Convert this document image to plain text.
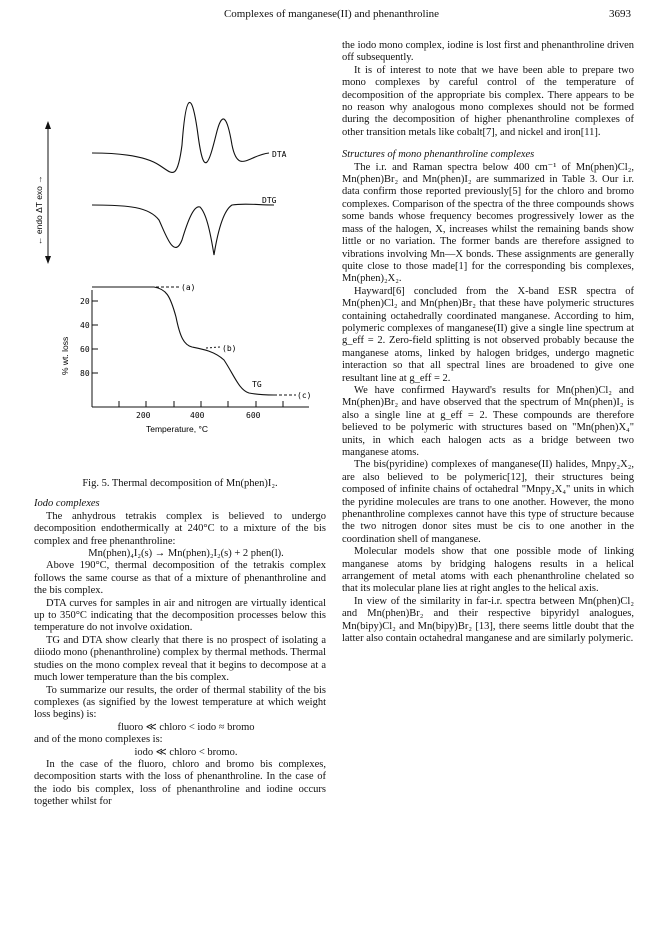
Complexes of manganese(II) and phenanthroline	3693
← endo ΔT exo →
DTA
DTG
20
40
60
80
% wt. loss
200	400	600
Temperature, °C
(a)
(b)
TG
(c)

Fig. 5. Thermal decomposition of Mn(phen)I₂.

Iodo complexes

The anhydrous tetrakis complex is believed to undergo decomposition endothermically at 240°C to a mixture of the bis complex and free phenanthroline:

Mn(phen)₄I₂(s) → Mn(phen)₂I₂(s) + 2 phen(l).

Above 190°C, thermal decomposition of the tetrakis complex follows the same course as that of a mixture of phenanthroline and the bis complex.

DTA curves for samples in air and nitrogen are virtually identical up to 350°C indicating that the decomposition processes below this temperature do not involve oxidation.

TG and DTA show clearly that there is no prospect of isolating a diiodo mono (phenanthroline) complex by thermal methods. Thermal studies on the mono complex reveal that it begins to decompose at a much lower temperature than the bis complex.

To summarize our results, the order of thermal stability of the bis complexes (as signified by the lowest temperature at which weight loss begins) is:

fluoro ≪ chloro < iodo ≈ bromo

and of the mono complexes is:

iodo ≪ chloro < bromo.

In the case of the fluoro, chloro and bromo bis complexes, decomposition starts with the loss of phenanthroline. In the case of the iodo bis complex, loss of phenanthroline and iodine occurs together whilst for

the iodo mono complex, iodine is lost first and phenanthroline driven off subsequently.

It is of interest to note that we have been able to prepare two mono complexes by careful control of the temperature of decomposition of the appropriate bis complex. There appears to be no reason why analogous mono complexes should not be formed during the decomposition of higher phenanthroline complexes of other transition metals like cobalt[7], and nickel and iron[11].

Structures of mono phenanthroline complexes

The i.r. and Raman spectra below 400 cm⁻¹ of Mn(phen)Cl₂, Mn(phen)Br₂ and Mn(phen)I₂ are summarized in Table 3. Our i.r. data confirm those reported previously[5] for the chloro and bromo complexes. Comparison of the spectra of the three compounds shows some bands whose frequency becomes progressively lower as the mass of the halogen, X, increases whilst the remaining bands show little or no variation. The former bands are therefore assigned to vibrations involving Mn—X bonds. These assignments are generally quite close to those made[1] for the corresponding bis complexes, Mn(phen)₂X₂.

Hayward[6] concluded from the X-band ESR spectra of Mn(phen)Cl₂ and Mn(phen)Br₂ that these have polymeric structures containing octahedrally coordinated manganese. According to him, polymeric complexes of manganese(II) give a single line spectrum at g_eff = 2. Zero-field splitting is not observed probably because the manganese atoms, linked by halogen bridges, undergo magnetic interaction so that all spectral lines are broadened to give one resultant line at g_eff = 2.

We have confirmed Hayward's results for Mn(phen)Cl₂ and Mn(phen)Br₂ and have observed that the spectrum of Mn(phen)I₂ is also a single line at g_eff = 2. These compounds are therefore believed to be polymeric with structures based on "Mn(phen)X₄" units, in which each halogen acts as a bridge between two manganese atoms.

The bis(pyridine) complexes of manganese(II) halides, Mnpy₂X₂, are also believed to be polymeric[12], their structures being composed of infinite chains of octahedral "Mnpy₂X₄" units in which the pyridine molecules are trans to one another. However, the mono phenanthroline complexes cannot have this type of structure because the two nitrogen donor sites must be cis to one another in the coordination shell of manganese.

Molecular models show that one possible mode of linking manganese atoms by bridging halogens results in a helical arrangement of metal atoms with each phenanthroline chelated so that its molecular plane lies at right angles to the helical axis.

In view of the similarity in far-i.r. spectra between Mn(phen)Cl₂ and Mn(phen)Br₂ and their respective bipyridyl analogues, Mn(bipy)Cl₂ and Mn(bipy)Br₂ [13], there seems little doubt that the latter also contain octahedral manganese and are similarly polymeric.
